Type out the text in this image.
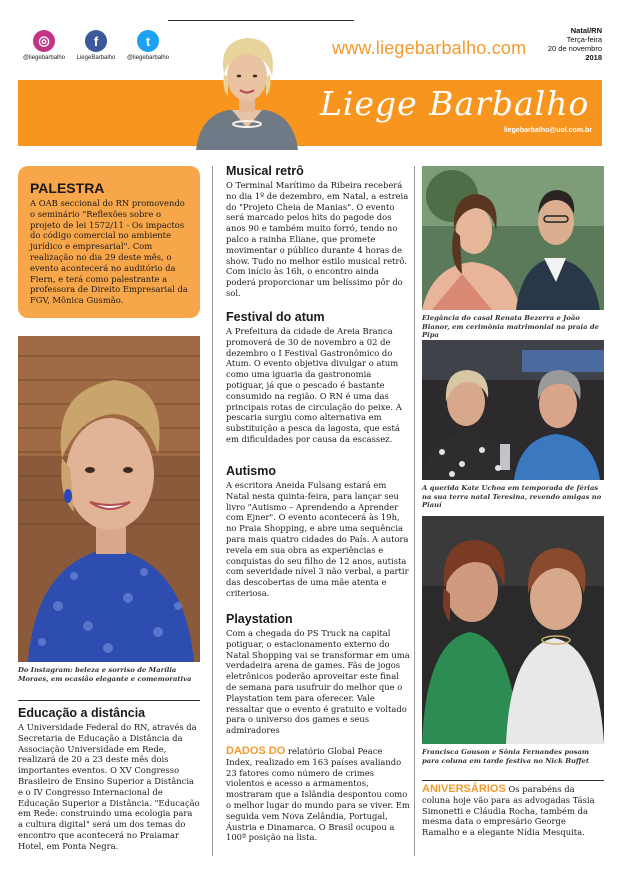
◎
@liegebarbalho
f
LiegeBarbalho
t
@liegebarbalho	www.liegebarbalho.com
Natal/RN
Terça-feira
20 de novembro
2018
Liege Barbalho
liegebarbalho@uol.com.br
PALESTRA
A OAB seccional do RN promovendo o seminário "Reflexões sobre o projeto de lei 1572/11 - Os impactos do código comercial no ambiente jurídico e empresarial". Com realização no dia 29 deste mês, o evento acontecerá no auditório da Fiern, e terá como palestrante a professora de Direito Empresarial da FGV, Mônica Gusmão.
Do Instagram: beleza e sorriso de Marília Moraes, em ocasião elegante e comemorativa
Educação a distância
A Universidade Federal do RN, através da Secretaria de Educação a Distância da Associação Universidade em Rede, realizará de 20 a 23 deste mês dois importantes eventos. O XV Congresso Brasileiro de Ensino Superior a Distância e o IV Congresso Internacional de Educação Superior a Distância. "Educação em Rede: construindo uma ecologia para a cultura digital" será um dos temas do encontro que acontecerá no Praiamar Hotel, em Ponta Negra.
Musical retrô
O Terminal Marítimo da Ribeira receberá no dia 1º de dezembro, em Natal, a estreia do "Projeto Cheia de Manias". O evento será marcado pelos hits do pagode dos anos 90 e também muito forró, tendo no palco a rainha Eliane, que promete movimentar o público durante 4 horas de show. Tudo no melhor estilo musical retrô. Com início às 16h, o encontro ainda poderá proporcionar um belíssimo pôr do sol.
Festival do atum
A Prefeitura da cidade de Areia Branca promoverá de 30 de novembro a 02 de dezembro o I Festival Gastronômico do Atum. O evento objetiva divulgar o atum como uma iguaria da gastronomia potiguar, já que o pescado é bastante consumido na região. O RN é uma das principais rotas de circulação do peixe. A pescaria surgiu como alternativa em substituição a pesca da lagosta, que está em dificuldades por causa da escassez.
Autismo
A escritora Aneida Fulsang estará em Natal nesta quinta-feira, para lançar seu livro "Autismo – Aprendendo a Aprender com Ejner". O evento acontecerá às 19h, no Praia Shopping, e abre uma sequência para mais quatro cidades do País. A autora revela em sua obra as experiências e conquistas do seu filho de 12 anos, autista com severidade nível 3 não verbal, a partir das descobertas de uma mãe atenta e criteriosa.
Playstation
Com a chegada do PS Truck na capital potiguar, o estacionamento externo do Natal Shopping vai se transformar em uma verdadeira arena de games. Fãs de jogos eletrônicos poderão aproveitar este final de semana para usufruir do melhor que o Playstation tem para oferecer. Vale ressaltar que o evento é gratuito e voltado para o universo dos games e seus admiradores
DADOS DO relatório Global Peace Index, realizado em 163 países avaliando 23 fatores como número de crimes violentos e acesso a armamentos, mostraram que a Islândia despontou como o melhor lugar do mundo para se viver. Em seguida vem Nova Zelândia, Portugal, Áustria e Dinamarca. O Brasil ocupou a 100ª posição na lista.
Elegância do casal Renata Bezerra e João Bianor, em cerimônia matrimonial na praia de Pipa
A querida Kate Uchoa em temporada de férias na sua terra natal Teresina, revendo amigas no Piauí
Francisca Gouson e Sônia Fernandes posam para coluna em tarde festiva no Nick Buffet
ANIVERSÁRIOS Os parabéns da coluna hoje vão para as advogadas Tásia Simonetti e Cláudia Rocha, também da mesma data o empresário George Ramalho e a elegante Nídia Mesquita.
